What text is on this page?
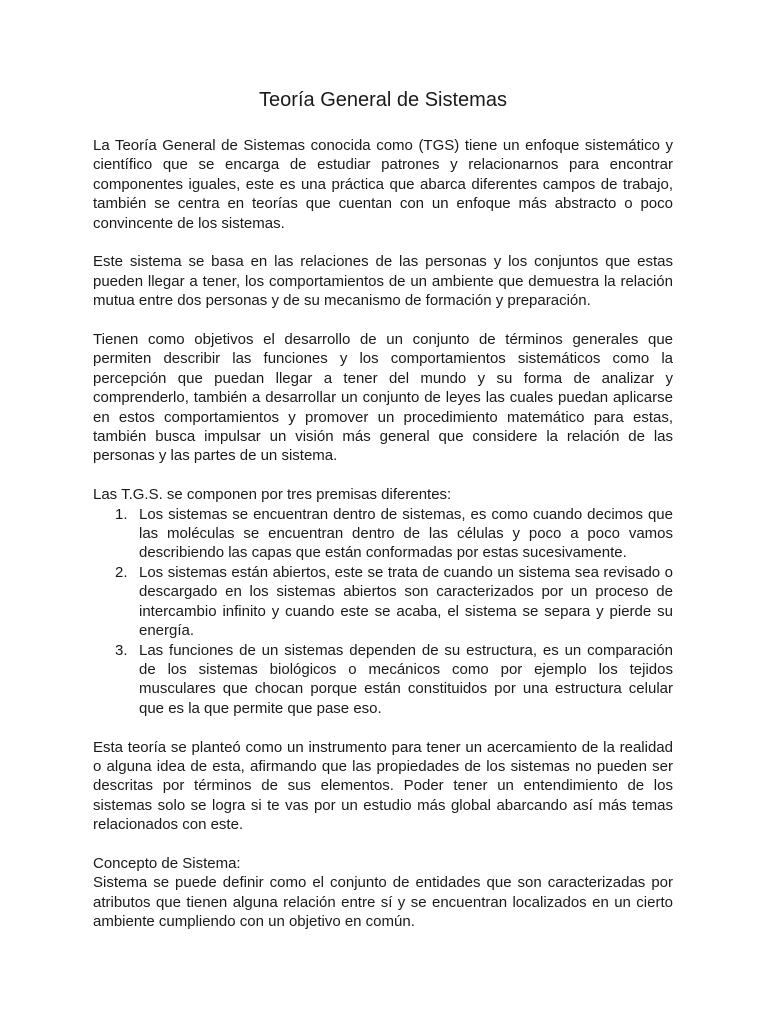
Teoría General de Sistemas

La Teoría General de Sistemas conocida como (TGS) tiene un enfoque sistemático y científico que se encarga de estudiar patrones y relacionarnos para encontrar componentes iguales, este es una práctica que abarca diferentes campos de trabajo, también se centra en teorías que cuentan con un enfoque más abstracto o poco convincente de los sistemas.

Este sistema se basa en las relaciones de las personas y los conjuntos que estas pueden llegar a tener, los comportamientos de un ambiente que demuestra la relación mutua entre dos personas y de su mecanismo de formación y preparación.

Tienen como objetivos el desarrollo de un conjunto de términos generales que permiten describir las funciones y los comportamientos sistemáticos como la percepción que puedan llegar a tener del mundo y su forma de analizar y comprenderlo, también a desarrollar un conjunto de leyes las cuales puedan aplicarse en estos comportamientos y promover un procedimiento matemático para estas, también busca impulsar un visión más general que considere la relación de las personas y las partes de un sistema.

Las T.G.S. se componen por tres premisas diferentes:

1. Los sistemas se encuentran dentro de sistemas, es como cuando decimos que las moléculas se encuentran dentro de las células y poco a poco vamos describiendo las capas que están conformadas por estas sucesivamente.
2. Los sistemas están abiertos, este se trata de cuando un sistema sea revisado o descargado en los sistemas abiertos son caracterizados por un proceso de intercambio infinito y cuando este se acaba, el sistema se separa y pierde su energía.
3. Las funciones de un sistemas dependen de su estructura, es un comparación de los sistemas biológicos o mecánicos como por ejemplo los tejidos musculares que chocan porque están constituidos por una estructura celular que es la que permite que pase eso.

Esta teoría se planteó como un instrumento para tener un acercamiento de la realidad o alguna idea de esta, afirmando que las propiedades de los sistemas no pueden ser descritas por términos de sus elementos. Poder tener un entendimiento de los sistemas solo se logra si te vas por un estudio más global abarcando así más temas relacionados con este.

Concepto de Sistema:

Sistema se puede definir como el conjunto de entidades que son caracterizadas por atributos que tienen alguna relación entre sí y se encuentran localizados en un cierto ambiente cumpliendo con un objetivo en común.
